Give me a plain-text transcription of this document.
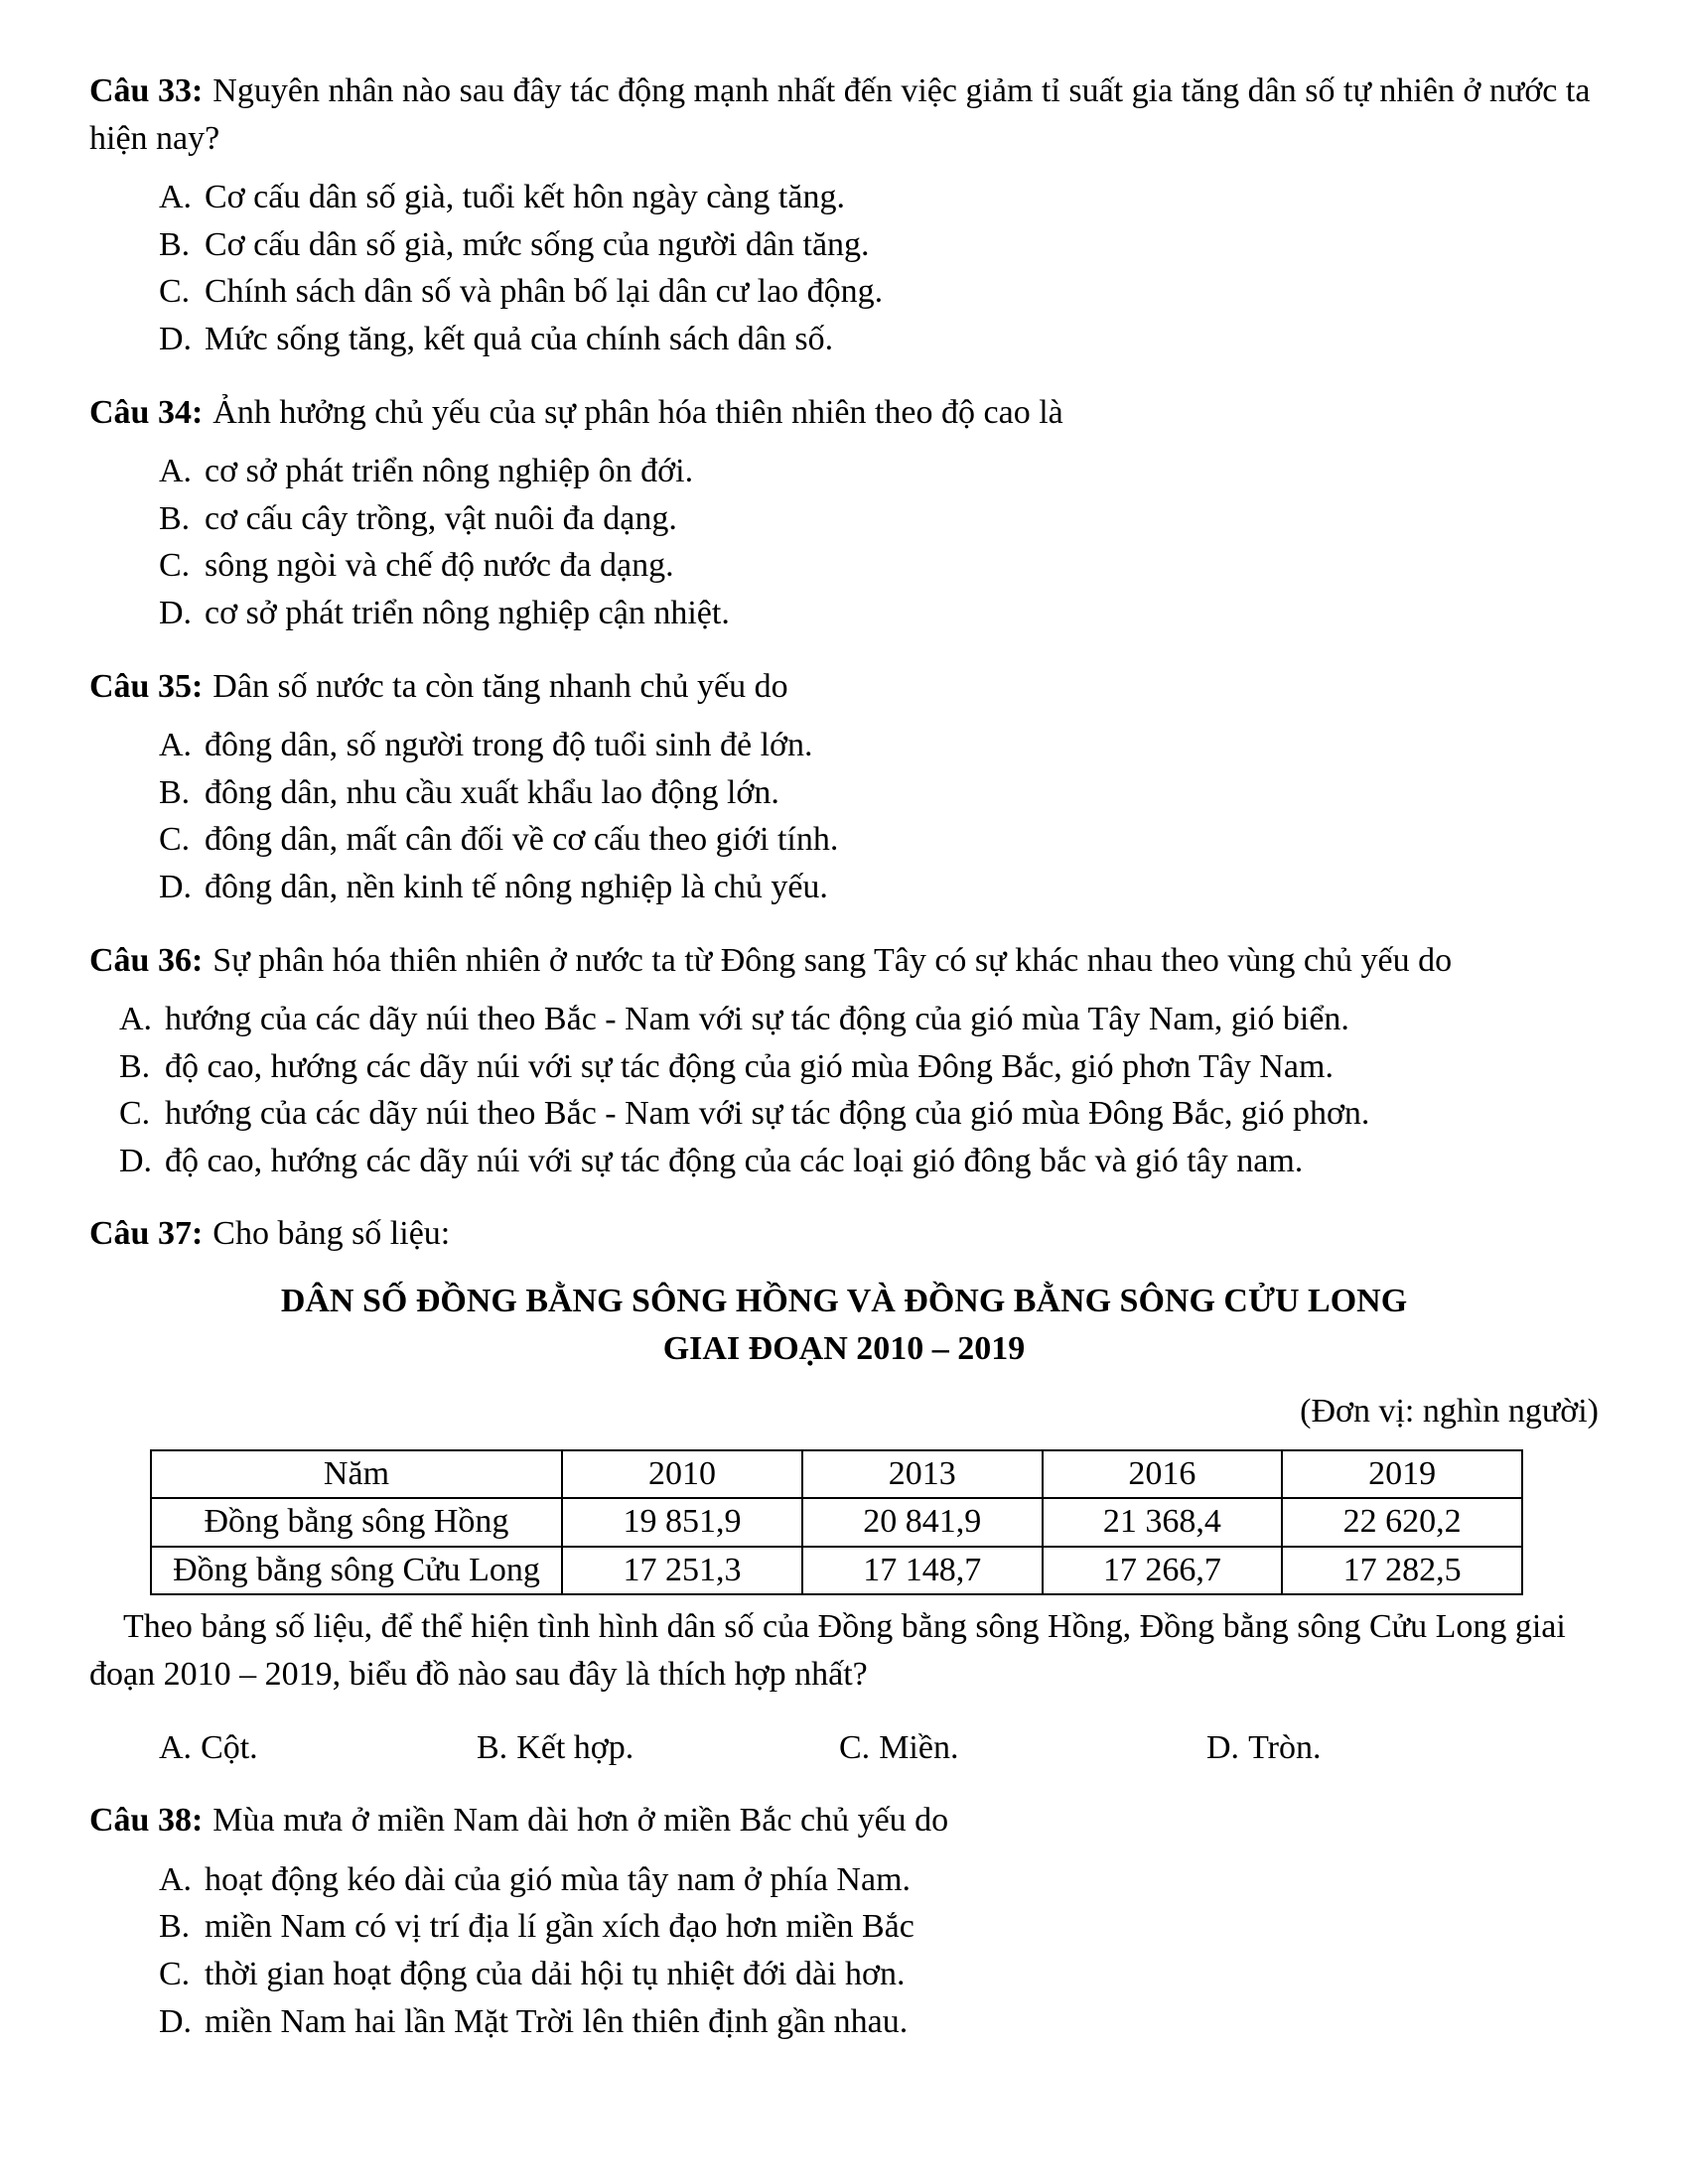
Câu 33: Nguyên nhân nào sau đây tác động mạnh nhất đến việc giảm tỉ suất gia tăng dân số tự nhiên ở nước ta hiện nay?

A. Cơ cấu dân số già, tuổi kết hôn ngày càng tăng.
B. Cơ cấu dân số già, mức sống của người dân tăng.
C. Chính sách dân số và phân bố lại dân cư lao động.
D. Mức sống tăng, kết quả của chính sách dân số.

Câu 34: Ảnh hưởng chủ yếu của sự phân hóa thiên nhiên theo độ cao là

A. cơ sở phát triển nông nghiệp ôn đới.
B. cơ cấu cây trồng, vật nuôi đa dạng.
C. sông ngòi và chế độ nước đa dạng.
D. cơ sở phát triển nông nghiệp cận nhiệt.

Câu 35: Dân số nước ta còn tăng nhanh chủ yếu do

A. đông dân, số người trong độ tuổi sinh đẻ lớn.
B. đông dân, nhu cầu xuất khẩu lao động lớn.
C. đông dân, mất cân đối về cơ cấu theo giới tính.
D. đông dân, nền kinh tế nông nghiệp là chủ yếu.

Câu 36: Sự phân hóa thiên nhiên ở nước ta từ Đông sang Tây có sự khác nhau theo vùng chủ yếu do

A. hướng của các dãy núi theo Bắc - Nam với sự tác động của gió mùa Tây Nam, gió biển.
B. độ cao, hướng các dãy núi với sự tác động của gió mùa Đông Bắc, gió phơn Tây Nam.
C. hướng của các dãy núi theo Bắc - Nam với sự tác động của gió mùa Đông Bắc, gió phơn.
D. độ cao, hướng các dãy núi với sự tác động của các loại gió đông bắc và gió tây nam.

Câu 37: Cho bảng số liệu:

DÂN SỐ ĐỒNG BẰNG SÔNG HỒNG VÀ ĐỒNG BẰNG SÔNG CỬU LONG

GIAI ĐOẠN 2010 – 2019

(Đơn vị: nghìn người)

Năm	2010	2013	2016	2019
Đồng bằng sông Hồng	19 851,9	20 841,9	21 368,4	22 620,2
Đồng bằng sông Cửu Long	17 251,3	17 148,7	17 266,7	17 282,5

Theo bảng số liệu, để thể hiện tình hình dân số của Đồng bằng sông Hồng, Đồng bằng sông Cửu Long giai đoạn 2010 – 2019, biểu đồ nào sau đây là thích hợp nhất?

A. Cột.	B. Kết hợp.	C. Miền.	D. Tròn.

Câu 38: Mùa mưa ở miền Nam dài hơn ở miền Bắc chủ yếu do

A. hoạt động kéo dài của gió mùa tây nam ở phía Nam.
B. miền Nam có vị trí địa lí gần xích đạo hơn miền Bắc
C. thời gian hoạt động của dải hội tụ nhiệt đới dài hơn.
D. miền Nam hai lần Mặt Trời lên thiên định gần nhau.
